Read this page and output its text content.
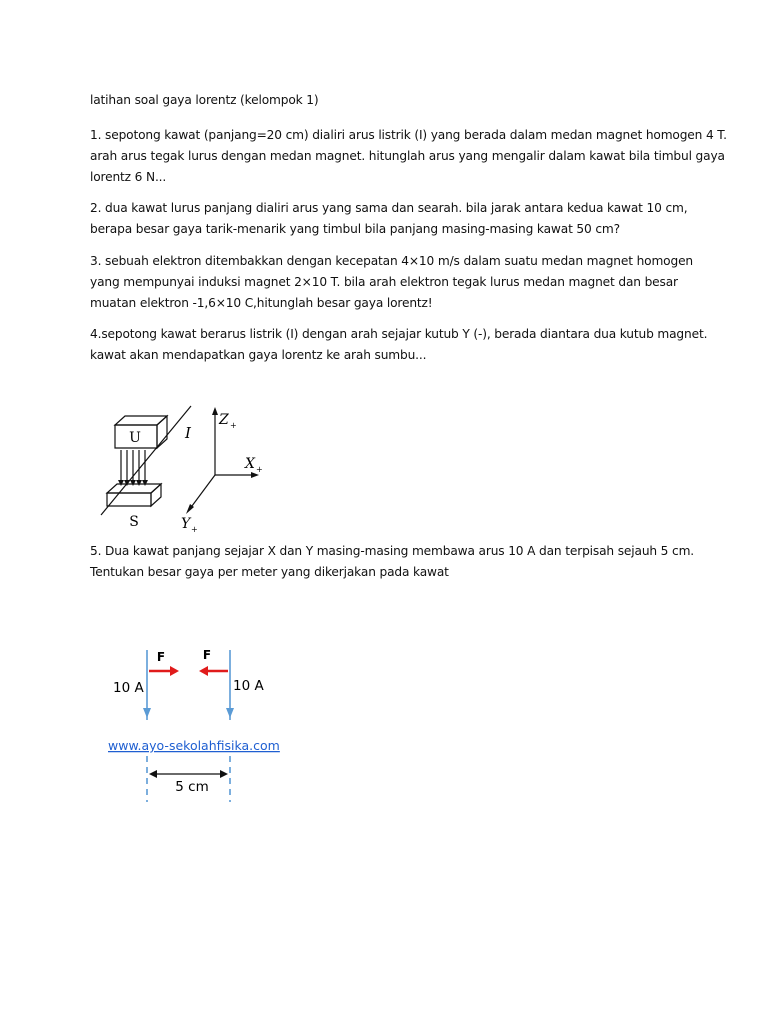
latihan soal gaya lorentz (kelompok 1)
1. sepotong kawat (panjang=20 cm) dialiri arus listrik (I) yang berada dalam medan magnet homogen 4 T.
arah arus tegak lurus dengan medan magnet. hitunglah arus yang mengalir dalam kawat bila timbul gaya
lorentz 6 N...
2. dua kawat lurus panjang dialiri arus yang sama dan searah. bila jarak antara kedua kawat 10 cm,
berapa besar gaya tarik-menarik yang timbul bila panjang masing-masing kawat 50 cm?
3. sebuah elektron ditembakkan dengan kecepatan 4×10 m/s dalam suatu medan magnet homogen
yang mempunyai induksi magnet 2×10 T. bila arah elektron tegak lurus medan magnet dan besar
muatan elektron -1,6×10 C,hitunglah besar gaya lorentz!
4.sepotong kawat berarus listrik (I) dengan arah sejajar kutub Y (-), berada diantara dua kutub magnet.
kawat akan mendapatkan gaya lorentz ke arah sumbu...
U
S
I
Z +
X +
Y +
5. Dua kawat panjang sejajar X dan Y masing-masing membawa arus 10 A dan terpisah sejauh 5 cm.
Tentukan besar gaya per meter yang dikerjakan pada kawat
F	F
10 A	10 A
www.ayo-sekolahfisika.com
5 cm
